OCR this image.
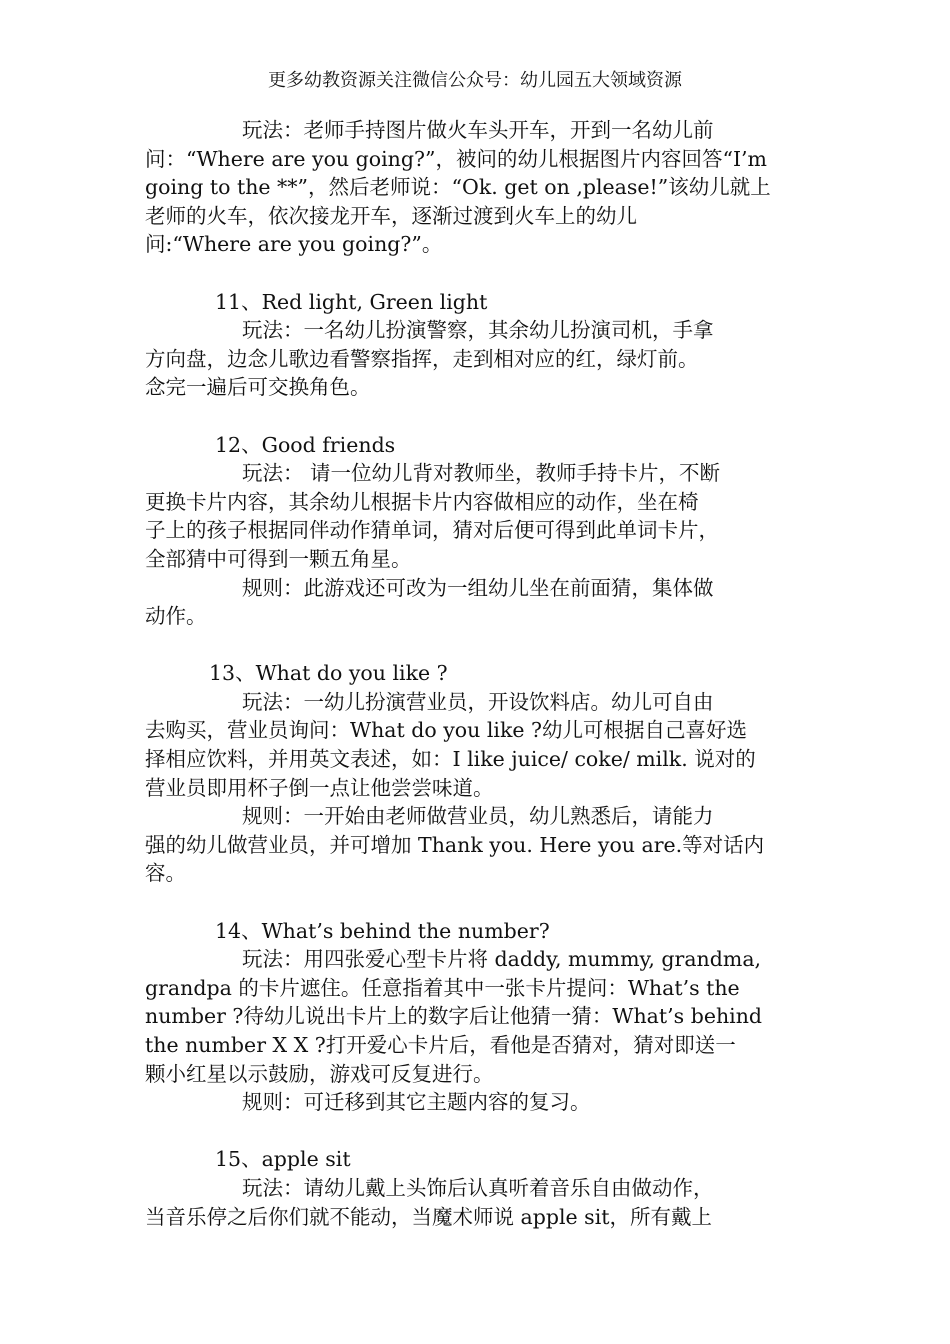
更多幼教资源关注微信公众号：幼儿园五大领域资源

玩法：老师手持图片做火车头开车，开到一名幼儿前

问：“Where are you going?”，被问的幼儿根据图片内容回答“I’m

going to the **”，然后老师说：“Ok. get on ,please!”该幼儿就上

老师的火车，依次接龙开车，逐渐过渡到火车上的幼儿

问:“Where are you going?”。

11、Red light, Green light

玩法：一名幼儿扮演警察，其余幼儿扮演司机，手拿

方向盘，边念儿歌边看警察指挥，走到相对应的红，绿灯前。

念完一遍后可交换角色。

12、Good friends

玩法： 请一位幼儿背对教师坐，教师手持卡片，不断

更换卡片内容，其余幼儿根据卡片内容做相应的动作，坐在椅

子上的孩子根据同伴动作猜单词，猜对后便可得到此单词卡片，

全部猜中可得到一颗五角星。

规则：此游戏还可改为一组幼儿坐在前面猜，集体做

动作。

13、What do you like ?

玩法：一幼儿扮演营业员，开设饮料店。幼儿可自由

去购买，营业员询问：What do you like ?幼儿可根据自己喜好选

择相应饮料，并用英文表述，如：I like juice/ coke/ milk. 说对的

营业员即用杯子倒一点让他尝尝味道。

规则：一开始由老师做营业员，幼儿熟悉后，请能力

强的幼儿做营业员，并可增加 Thank you. Here you are.等对话内

容。

14、What’s behind the number?

玩法：用四张爱心型卡片将 daddy, mummy, grandma,

grandpa 的卡片遮住。任意指着其中一张卡片提问：What’s the

number ?待幼儿说出卡片上的数字后让他猜一猜：What’s behind

the number X X ?打开爱心卡片后，看他是否猜对，猜对即送一

颗小红星以示鼓励，游戏可反复进行。

规则：可迁移到其它主题内容的复习。

15、apple sit

玩法：请幼儿戴上头饰后认真听着音乐自由做动作，

当音乐停之后你们就不能动，当魔术师说 apple sit，所有戴上
